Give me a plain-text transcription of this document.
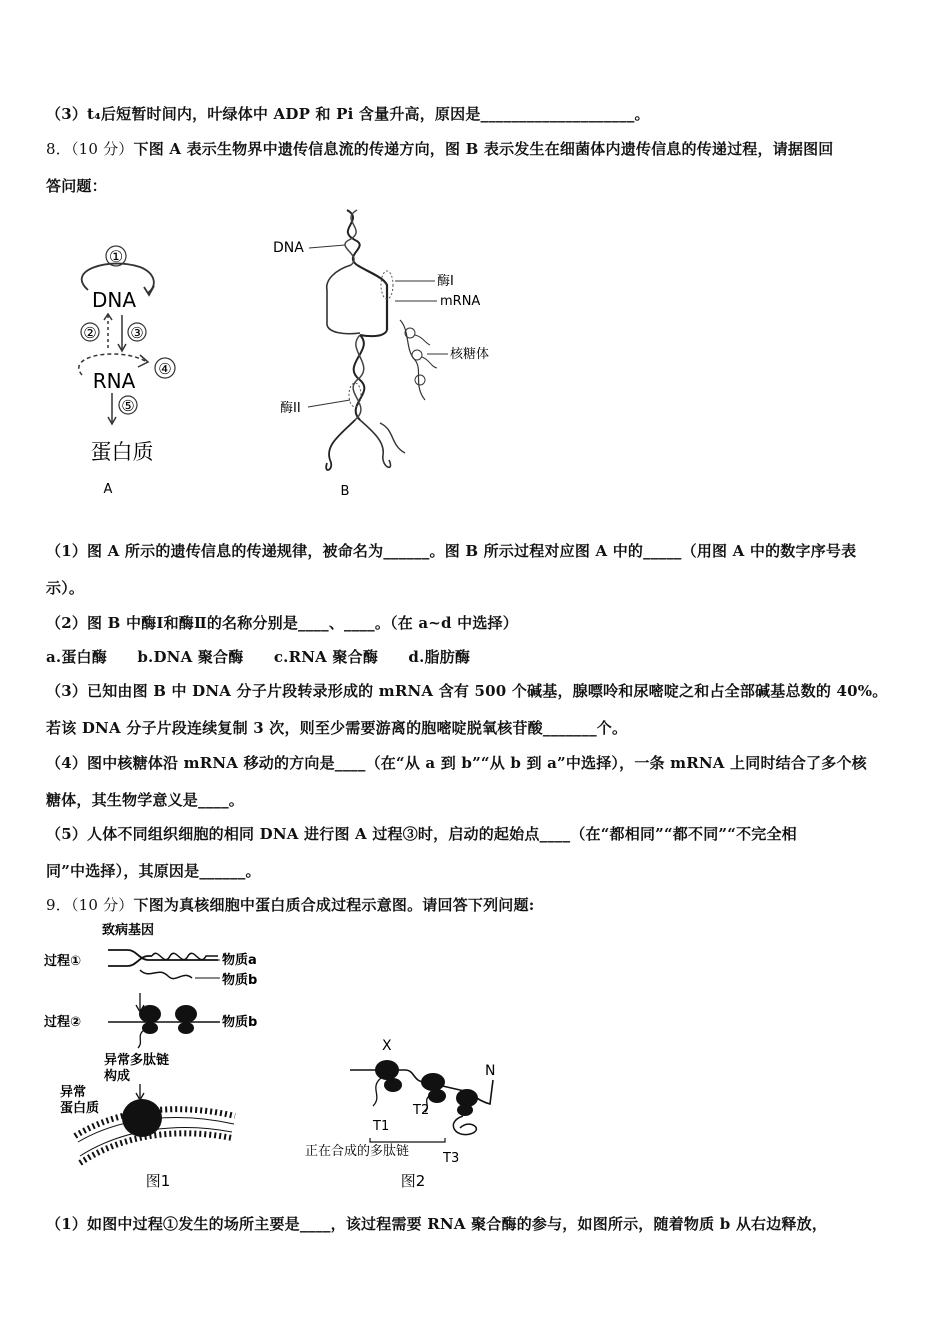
（3）t₄后短暂时间内，叶绿体中 ADP 和 Pi 含量升高，原因是____________________。
8．（10 分）下图 A 表示生物界中遗传信息流的传递方向，图 B 表示发生在细菌体内遗传信息的传递过程，请据图回
答问题：
①
DNA
② ③
④
RNA
⑤
蛋白质
A
DNA
酶I
mRNA
核糖体
酶II
B
（1）图 A 所示的遗传信息的传递规律，被命名为______。图 B 所示过程对应图 A 中的_____（用图 A 中的数字序号表
示）。
（2）图 B 中酶Ⅰ和酶Ⅱ的名称分别是____、____。（在 a~d 中选择）
a.蛋白酶　　b.DNA 聚合酶　　c.RNA 聚合酶　　d.脂肪酶
（3）已知由图 B 中 DNA 分子片段转录形成的 mRNA 含有 500 个碱基，腺嘌呤和尿嘧啶之和占全部碱基总数的 40%。
若该 DNA 分子片段连续复制 3 次，则至少需要游离的胞嘧啶脱氧核苷酸_______个。
（4）图中核糖体沿 mRNA 移动的方向是____（在“从 a 到 b”“从 b 到 a”中选择），一条 mRNA 上同时结合了多个核
糖体，其生物学意义是____。
（5）人体不同组织细胞的相同 DNA 进行图 A 过程③时，启动的起始点____（在“都相同”“都不同”“不完全相
同”中选择），其原因是______。
9．（10 分）下图为真核细胞中蛋白质合成过程示意图。请回答下列问题:
致病基因
过程①	物质a
物质b
过程②	物质b
异常多肽链
构成
异常
蛋白质
图1
X
N
T1
T2
T3
正在合成的多肽链
图2
（1）如图中过程①发生的场所主要是____，该过程需要 RNA 聚合酶的参与，如图所示，随着物质 b 从右边释放，
